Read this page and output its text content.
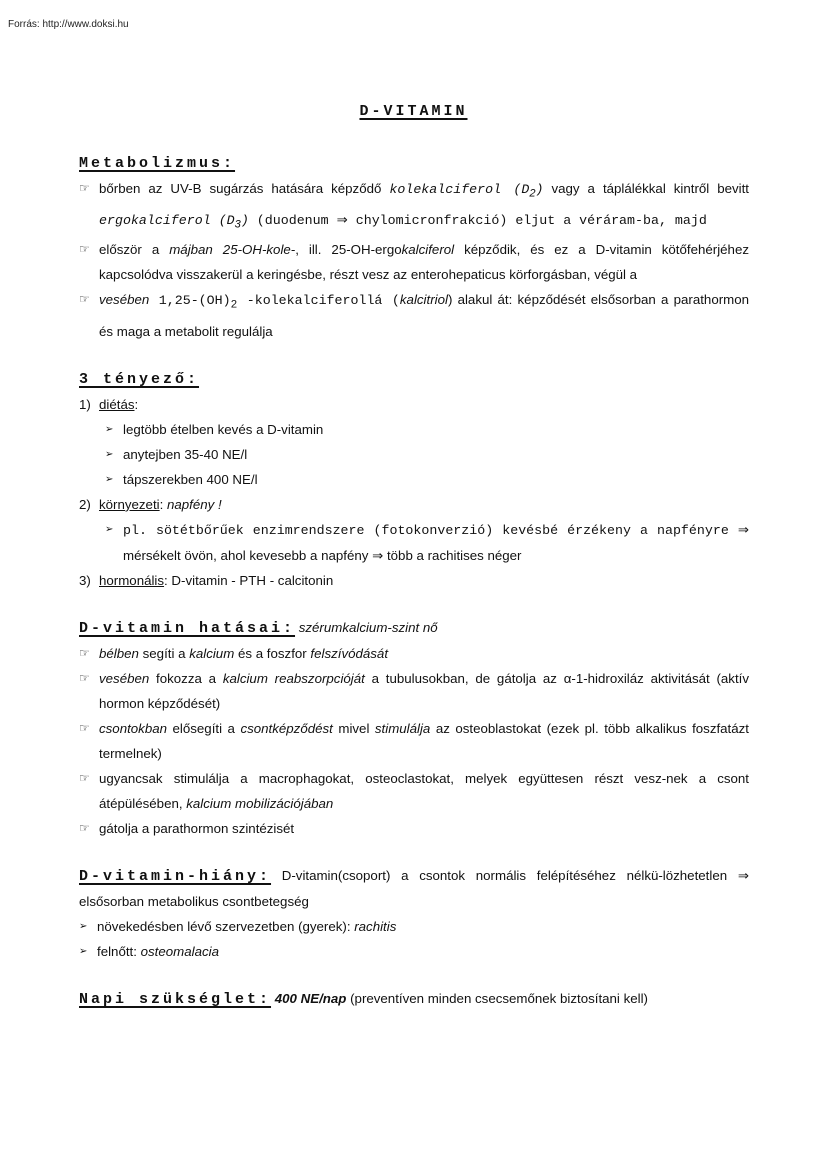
Forrás: http://www.doksi.hu
D-VITAMIN
Metabolizmus:
☞ bőrben az UV-B sugárzás hatására képződő kolekalciferol $(D_2)$ vagy a táplálékkal kintről bevitt ergokalciferol $(D_3)$ (duodenum ⇒ chylomicronfrakció) eljut a véráram-ba, majd
☞ először a májban 25-OH-kole-, ill. 25-OH-ergokalciferol képződik, és ez a D-vitamin kötőfehérjéhez kapcsolódva visszakerül a keringésbe, részt vesz az enterohepaticus körforgásban, végül a
☞ vesében $1,25-(OH)_2$ -kolekalciferollá (kalcitriol) alakul át: képződését elsősorban a parathormon és maga a metabolit regulálja
3 tényező:
1) diétás:
➢ legtöbb ételben kevés a D-vitamin
➢ anytejben 35-40 NE/l
➢ tápszerekben 400 NE/l
2) környezeti: napfény !
➢ pl. sötétbőrűek enzimrendszere (fotokonverzió) kevésbé érzékeny a napfényre ⇒ mérsékelt övön, ahol kevesebb a napfény ⇒ több a rachitises néger
3) hormonális: D-vitamin - PTH - calcitonin
D-vitamin hatásai: szérumkalcium-szint nő
☞ bélben segíti a kalcium és a foszfor felszívódását
☞ vesében fokozza a kalcium reabszorpcióját a tubulusokban, de gátolja az α-1-hidroxiláz aktivitását (aktív hormon képződését)
☞ csontokban elősegíti a csontképződést mivel stimulálja az osteoblastokat (ezek pl. több alkalikus foszfatázt termelnek)
☞ ugyancsak stimulálja a macrophagokat, osteoclastokat, melyek együttesen részt vesz-nek a csont átépülésében, kalcium mobilizációjában
☞ gátolja a parathormon szintézisét
D-vitamin-hiány: D-vitamin(csoport) a csontok normális felépítéséhez nélkü-lözhetetlen ⇒ elsősorban metabolikus csontbetegség
➢ növekedésben lévő szervezetben (gyerek): rachitis
➢ felnőtt: osteomalacia
Napi szükséglet: 400 NE/nap (preventíven minden csecsemőnek biztosítani kell)
